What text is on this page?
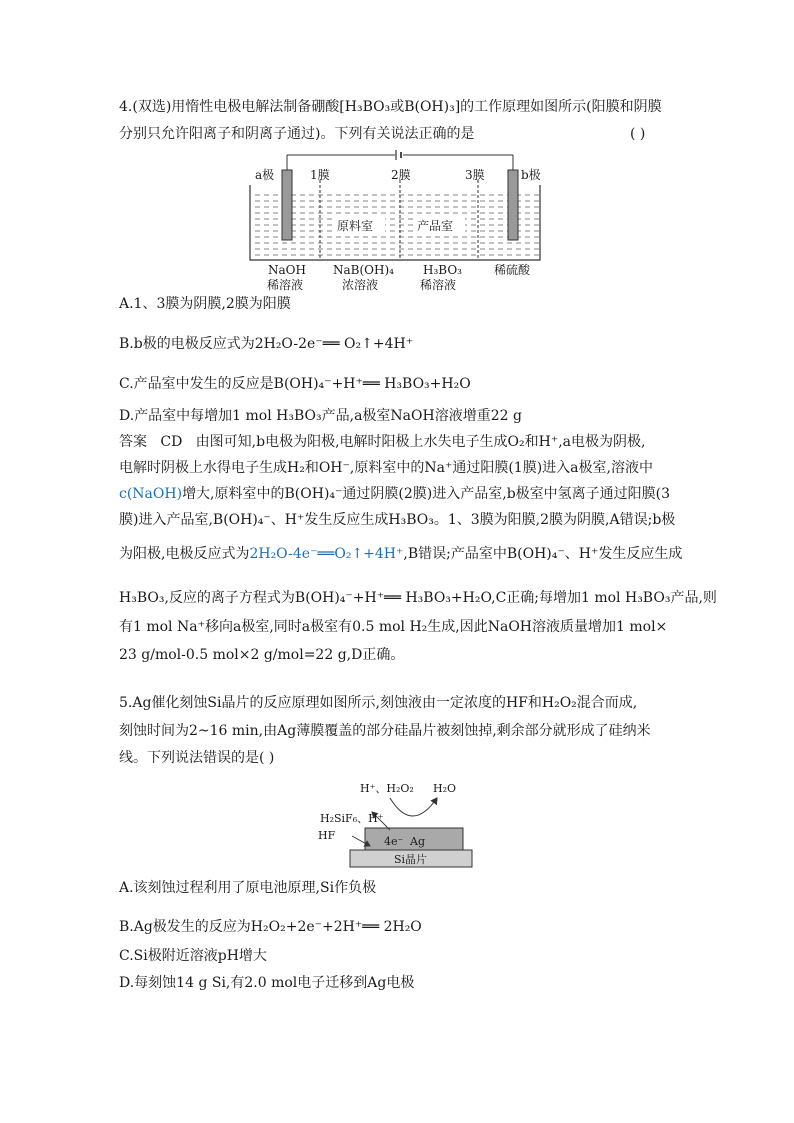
4.(双选)用惰性电极电解法制备硼酸[H₃BO₃或B(OH)₃]的工作原理如图所示(阳膜和阴膜
分别只允许阳离子和阴离子通过)。下列有关说法正确的是	( )
a极	1膜	2膜	3膜	b极
原料室	产品室
NaOH
稀溶液
NaB(OH)₄
浓溶液
H₃BO₃
稀溶液
稀硫酸
A.1、3膜为阴膜,2膜为阳膜
B.b极的电极反应式为2H₂O-2e⁻══ O₂↑+4H⁺
C.产品室中发生的反应是B(OH)₄⁻+H⁺══ H₃BO₃+H₂O
D.产品室中每增加1 mol H₃BO₃产品,a极室NaOH溶液增重22 g
答案 CD 由图可知,b电极为阳极,电解时阳极上水失电子生成O₂和H⁺,a电极为阴极,
电解时阴极上水得电子生成H₂和OH⁻,原料室中的Na⁺通过阳膜(1膜)进入a极室,溶液中
c(NaOH)增大,原料室中的B(OH)₄⁻通过阴膜(2膜)进入产品室,b极室中氢离子通过阳膜(3
膜)进入产品室,B(OH)₄⁻、H⁺发生反应生成H₃BO₃。1、3膜为阳膜,2膜为阴膜,A错误;b极
为阳极,电极反应式为2H₂O-4e⁻══O₂↑+4H⁺,B错误;产品室中B(OH)₄⁻、H⁺发生反应生成
H₃BO₃,反应的离子方程式为B(OH)₄⁻+H⁺══ H₃BO₃+H₂O,C正确;每增加1 mol H₃BO₃产品,则
有1 mol Na⁺移向a极室,同时a极室有0.5 mol H₂生成,因此NaOH溶液质量增加1 mol×
23 g/mol-0.5 mol×2 g/mol=22 g,D正确。
5.Ag催化刻蚀Si晶片的反应原理如图所示,刻蚀液由一定浓度的HF和H₂O₂混合而成,
刻蚀时间为2~16 min,由Ag薄膜覆盖的部分硅晶片被刻蚀掉,剩余部分就形成了硅纳米
线。下列说法错误的是( )
H⁺、H₂O₂ H₂O
H₂SiF₆、H⁺
HF	4e⁻ Ag
Si晶片
A.该刻蚀过程利用了原电池原理,Si作负极
B.Ag极发生的反应为H₂O₂+2e⁻+2H⁺══ 2H₂O
C.Si极附近溶液pH增大
D.每刻蚀14 g Si,有2.0 mol电子迁移到Ag电极
